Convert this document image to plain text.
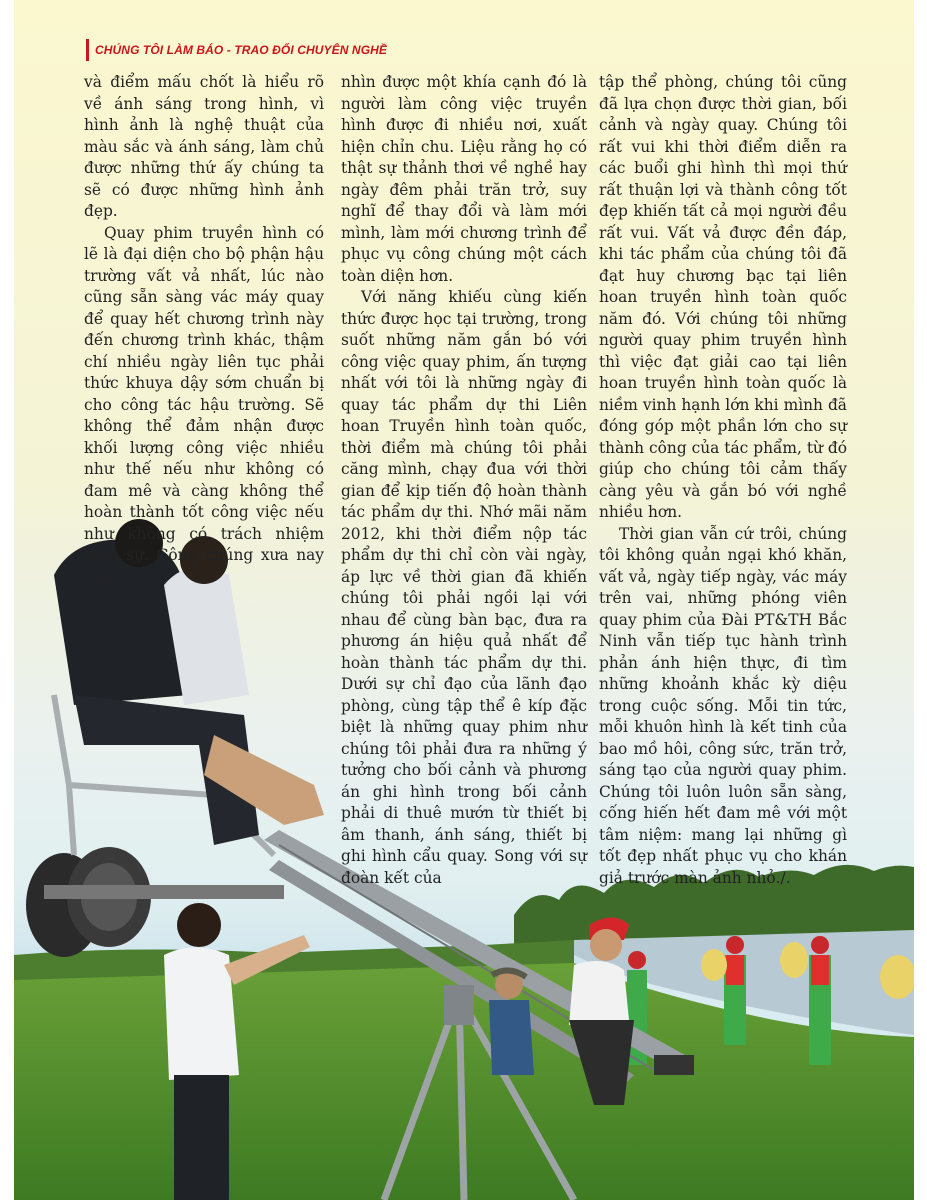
CHÚNG TÔI LÀM BÁO - TRAO ĐỔI CHUYÊN NGHỀ

và điểm mấu chốt là hiểu rõ về ánh sáng trong hình, vì hình ảnh là nghệ thuật của màu sắc và ánh sáng, làm chủ được những thứ ấy chúng ta sẽ có được những hình ảnh đẹp.

Quay phim truyền hình có lẽ là đại diện cho bộ phận hậu trường vất vả nhất, lúc nào cũng sẵn sàng vác máy quay để quay hết chương trình này đến chương trình khác, thậm chí nhiều ngày liên tục phải thức khuya dậy sớm chuẩn bị cho công tác hậu trường. Sẽ không thể đảm nhận được khối lượng công việc nhiều như thế nếu như không có đam mê và càng không thể hoàn thành tốt công việc nếu như không có trách nhiệm thực sự. Công chúng xưa nay mới chỉ

nhìn được một khía cạnh đó là người làm công việc truyền hình được đi nhiều nơi, xuất hiện chỉn chu. Liệu rằng họ có thật sự thảnh thơi về nghề hay ngày đêm phải trăn trở, suy nghĩ để thay đổi và làm mới mình, làm mới chương trình để phục vụ công chúng một cách toàn diện hơn.

Với năng khiếu cùng kiến thức được học tại trường, trong suốt những năm gắn bó với công việc quay phim, ấn tượng nhất với tôi là những ngày đi quay tác phẩm dự thi Liên hoan Truyền hình toàn quốc, thời điểm mà chúng tôi phải căng mình, chạy đua với thời gian để kịp tiến độ hoàn thành tác phẩm dự thi. Nhớ mãi năm 2012, khi thời điểm nộp tác phẩm dự thi chỉ còn vài ngày, áp lực về thời gian đã khiến chúng tôi phải ngồi lại với nhau để cùng bàn bạc, đưa ra phương án hiệu quả nhất để hoàn thành tác phẩm dự thi. Dưới sự chỉ đạo của lãnh đạo phòng, cùng tập thể ê kíp đặc biệt là những quay phim như chúng tôi phải đưa ra những ý tưởng cho bối cảnh và phương án ghi hình trong bối cảnh phải di thuê mướn từ thiết bị âm thanh, ánh sáng, thiết bị ghi hình cẩu quay. Song với sự đoàn kết của

tập thể phòng, chúng tôi cũng đã lựa chọn được thời gian, bối cảnh và ngày quay. Chúng tôi rất vui khi thời điểm diễn ra các buổi ghi hình thì mọi thứ rất thuận lợi và thành công tốt đẹp khiến tất cả mọi người đều rất vui. Vất vả được đền đáp, khi tác phẩm của chúng tôi đã đạt huy chương bạc tại liên hoan truyền hình toàn quốc năm đó. Với chúng tôi những người quay phim truyền hình thì việc đạt giải cao tại liên hoan truyền hình toàn quốc là niềm vinh hạnh lớn khi mình đã đóng góp một phần lớn cho sự thành công của tác phẩm, từ đó giúp cho chúng tôi cảm thấy càng yêu và gắn bó với nghề nhiều hơn.

Thời gian vẫn cứ trôi, chúng tôi không quản ngại khó khăn, vất vả, ngày tiếp ngày, vác máy trên vai, những phóng viên quay phim của Đài PT&TH Bắc Ninh vẫn tiếp tục hành trình phản ánh hiện thực, đi tìm những khoảnh khắc kỳ diệu trong cuộc sống. Mỗi tin tức, mỗi khuôn hình là kết tinh của bao mồ hôi, công sức, trăn trở, sáng tạo của người quay phim. Chúng tôi luôn luôn sẵn sàng, cống hiến hết đam mê với một tâm niệm: mang lại những gì tốt đẹp nhất phục vụ cho khán giả trước màn ảnh nhỏ./.
